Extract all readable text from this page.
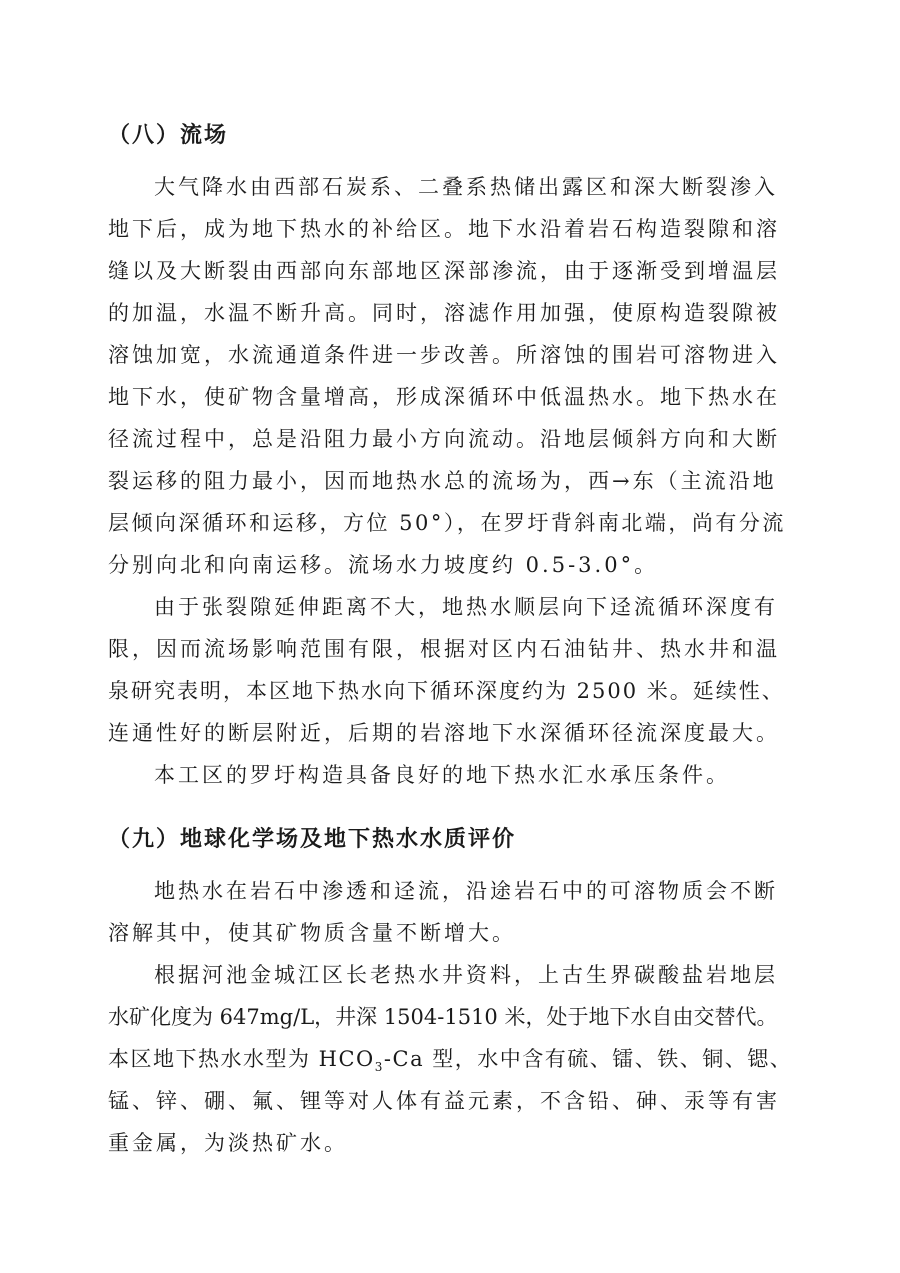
（八）流场
大气降水由西部石炭系、二叠系热储出露区和深大断裂渗入
地下后，成为地下热水的补给区。地下水沿着岩石构造裂隙和溶
缝以及大断裂由西部向东部地区深部渗流，由于逐渐受到增温层
的加温，水温不断升高。同时，溶滤作用加强，使原构造裂隙被
溶蚀加宽，水流通道条件进一步改善。所溶蚀的围岩可溶物进入
地下水，使矿物含量增高，形成深循环中低温热水。地下热水在
径流过程中，总是沿阻力最小方向流动。沿地层倾斜方向和大断
裂运移的阻力最小，因而地热水总的流场为，西→东（主流沿地
层倾向深循环和运移，方位 50°），在罗圩背斜南北端，尚有分流
分别向北和向南运移。流场水力坡度约 0.5-3.0°。
由于张裂隙延伸距离不大，地热水顺层向下迳流循环深度有
限，因而流场影响范围有限，根据对区内石油钻井、热水井和温
泉研究表明，本区地下热水向下循环深度约为 2500 米。延续性、
连通性好的断层附近，后期的岩溶地下水深循环径流深度最大。
本工区的罗圩构造具备良好的地下热水汇水承压条件。
（九）地球化学场及地下热水水质评价
地热水在岩石中渗透和迳流，沿途岩石中的可溶物质会不断
溶解其中，使其矿物质含量不断增大。
根据河池金城江区长老热水井资料，上古生界碳酸盐岩地层
水矿化度为 647mg/L，井深 1504-1510 米，处于地下水自由交替代。
本区地下热水水型为 $HCO_3-Ca$ 型，水中含有硫、镭、铁、铜、锶、
锰、锌、硼、氟、锂等对人体有益元素，不含铅、砷、汞等有害
重金属，为淡热矿水。
